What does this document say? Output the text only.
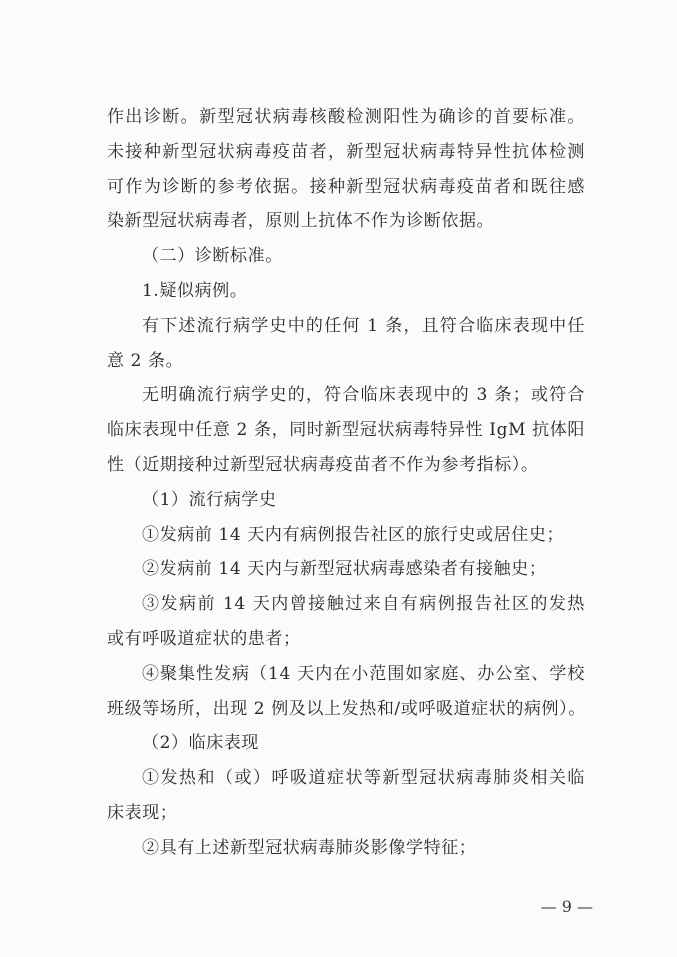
作出诊断。新型冠状病毒核酸检测阳性为确诊的首要标准。
未接种新型冠状病毒疫苗者，新型冠状病毒特异性抗体检测
可作为诊断的参考依据。接种新型冠状病毒疫苗者和既往感
染新型冠状病毒者，原则上抗体不作为诊断依据。
（二）诊断标准。
1.疑似病例。
有下述流行病学史中的任何 1 条，且符合临床表现中任
意 2 条。
无明确流行病学史的，符合临床表现中的 3 条；或符合
临床表现中任意 2 条，同时新型冠状病毒特异性 IgM 抗体阳
性（近期接种过新型冠状病毒疫苗者不作为参考指标）。
（1）流行病学史
①发病前 14 天内有病例报告社区的旅行史或居住史；
②发病前 14 天内与新型冠状病毒感染者有接触史；
③发病前 14 天内曾接触过来自有病例报告社区的发热
或有呼吸道症状的患者；
④聚集性发病（14 天内在小范围如家庭、办公室、学校
班级等场所，出现 2 例及以上发热和/或呼吸道症状的病例）。
（2）临床表现
①发热和（或）呼吸道症状等新型冠状病毒肺炎相关临
床表现；
②具有上述新型冠状病毒肺炎影像学特征；
— 9 —
